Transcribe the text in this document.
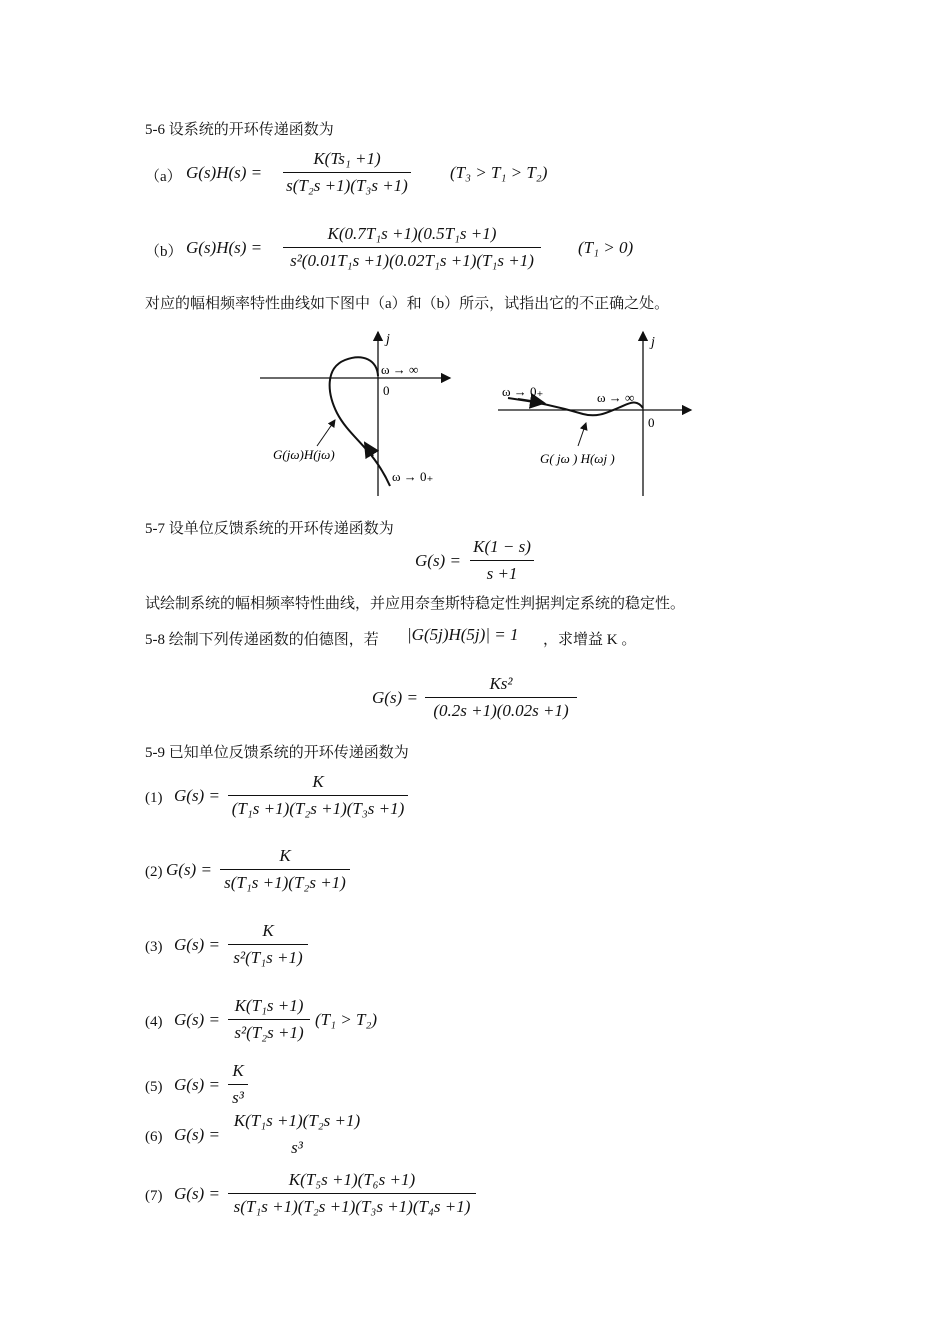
5-6 设系统的开环传递函数为
（a） G(s)H(s) =
K(Ts₁ +1)
s(T₂s +1)(T₃s +1)
(T₃ > T₁ > T₂)
（b） G(s)H(s) =
K(0.7T₁s +1)(0.5T₁s +1)
s²(0.01T₁s +1)(0.02T₁s +1)(T₁s +1)
(T₁ > 0)
对应的幅相频率特性曲线如下图中（a）和（b）所示，试指出它的不正确之处。
j
ω → ∞
0
G(jω)H(jω)
ω → 0₊
j
ω → 0₊	ω → ∞
0
G( jω ) H(ωj )
5-7 设单位反馈系统的开环传递函数为
G(s) =
K(1 − s)
s +1
试绘制系统的幅相频率特性曲线，并应用奈奎斯特稳定性判据判定系统的稳定性。
5-8 绘制下列传递函数的伯德图，若 |G(5j)H(5j)| = 1 ，求增益 K 。
G(s) =
Ks²
(0.2s +1)(0.02s +1)
5-9 已知单位反馈系统的开环传递函数为
(1) G(s) =
K
(T₁s +1)(T₂s +1)(T₃s +1)
(2) G(s) =
K
s(T₁s +1)(T₂s +1)
(3) G(s) =
K
s²(T₁s +1)
(4) G(s) =
K(T₁s +1)
s²(T₂s +1)
(T₁ > T₂)
(5) G(s) =
K
s³
(6) G(s) =
K(T₁s +1)(T₂s +1)
s³
(7) G(s) =
K(T₅s +1)(T₆s +1)
s(T₁s +1)(T₂s +1)(T₃s +1)(T₄s +1)
